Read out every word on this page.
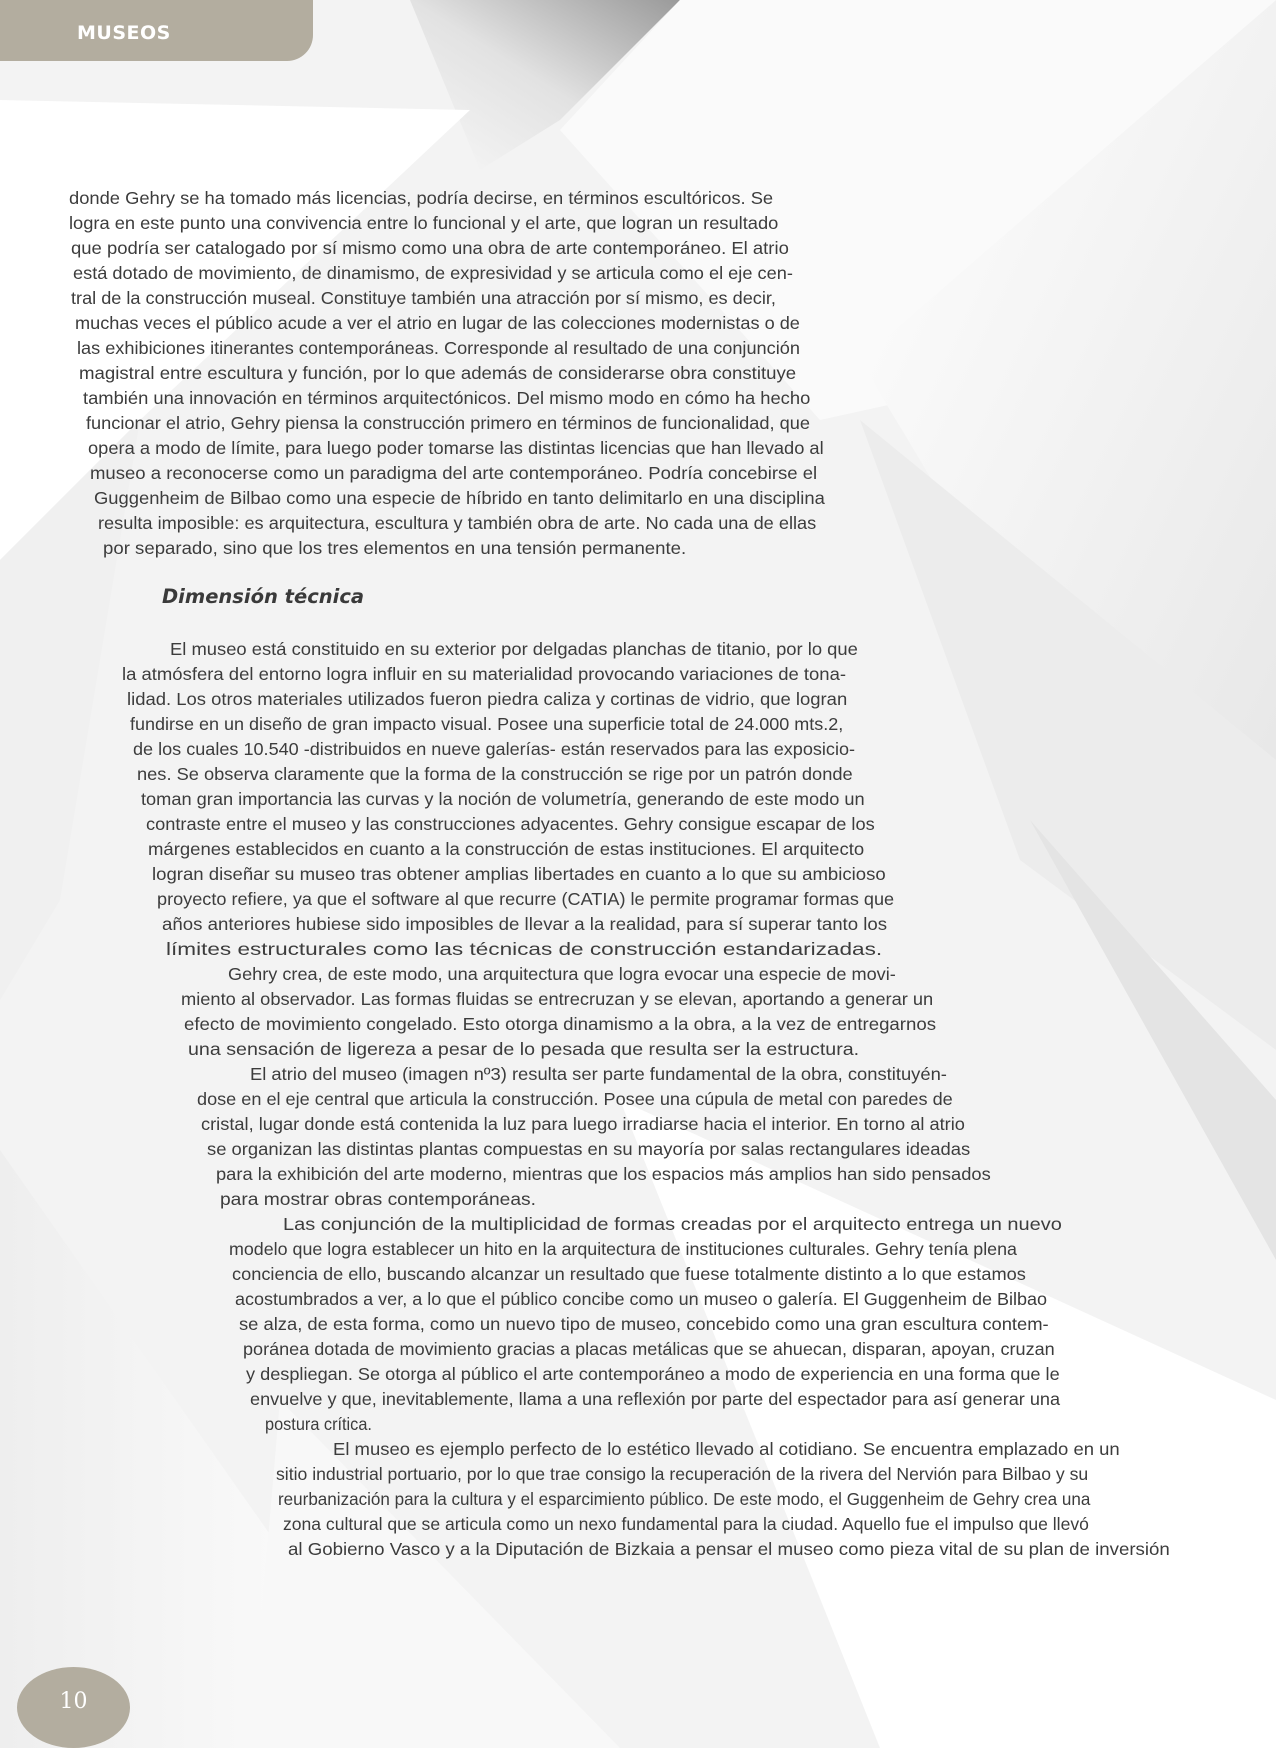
MUSEOS
donde Gehry se ha tomado más licencias, podría decirse, en términos escultóricos. Se
logra en este punto una convivencia entre lo funcional y el arte, que logran un resultado
que podría ser catalogado por sí mismo como una obra de arte contemporáneo. El atrio
está dotado de movimiento, de dinamismo, de expresividad y se articula como el eje cen-
tral de la construcción museal. Constituye también una atracción por sí mismo, es decir,
muchas veces el público acude a ver el atrio en lugar de las colecciones modernistas o de
las exhibiciones itinerantes contemporáneas. Corresponde al resultado de una conjunción
magistral entre escultura y función, por lo que además de considerarse obra constituye
también una innovación en términos arquitectónicos. Del mismo modo en cómo ha hecho
funcionar el atrio, Gehry piensa la construcción primero en términos de funcionalidad, que
opera a modo de límite, para luego poder tomarse las distintas licencias que han llevado al
museo a reconocerse como un paradigma del arte contemporáneo. Podría concebirse el
Guggenheim de Bilbao como una especie de híbrido en tanto delimitarlo en una disciplina
resulta imposible: es arquitectura, escultura y también obra de arte. No cada una de ellas
por separado, sino que los tres elementos en una tensión permanente.
Dimensión técnica
El museo está constituido en su exterior por delgadas planchas de titanio, por lo que
la atmósfera del entorno logra influir en su materialidad provocando variaciones de tona-
lidad. Los otros materiales utilizados fueron piedra caliza y cortinas de vidrio, que logran
fundirse en un diseño de gran impacto visual. Posee una superficie total de 24.000 mts.2,
de los cuales 10.540 -distribuidos en nueve galerías- están reservados para las exposicio-
nes. Se observa claramente que la forma de la construcción se rige por un patrón donde
toman gran importancia las curvas y la noción de volumetría, generando de este modo un
contraste entre el museo y las construcciones adyacentes. Gehry consigue escapar de los
márgenes establecidos en cuanto a la construcción de estas instituciones. El arquitecto
logran diseñar su museo tras obtener amplias libertades en cuanto a lo que su ambicioso
proyecto refiere, ya que el software al que recurre (CATIA) le permite programar formas que
años anteriores hubiese sido imposibles de llevar a la realidad, para sí superar tanto los
límites estructurales como las técnicas de construcción estandarizadas.
Gehry crea, de este modo, una arquitectura que logra evocar una especie de movi-
miento al observador. Las formas fluidas se entrecruzan y se elevan, aportando a generar un
efecto de movimiento congelado. Esto otorga dinamismo a la obra, a la vez de entregarnos
una sensación de ligereza a pesar de lo pesada que resulta ser la estructura.
El atrio del museo (imagen nº3) resulta ser parte fundamental de la obra, constituyén-
dose en el eje central que articula la construcción. Posee una cúpula de metal con paredes de
cristal, lugar donde está contenida la luz para luego irradiarse hacia el interior. En torno al atrio
se organizan las distintas plantas compuestas en su mayoría por salas rectangulares ideadas
para la exhibición del arte moderno, mientras que los espacios más amplios han sido pensados
para mostrar obras contemporáneas.
Las conjunción de la multiplicidad de formas creadas por el arquitecto entrega un nuevo
modelo que logra establecer un hito en la arquitectura de instituciones culturales. Gehry tenía plena
conciencia de ello, buscando alcanzar un resultado que fuese totalmente distinto a lo que estamos
acostumbrados a ver, a lo que el público concibe como un museo o galería. El Guggenheim de Bilbao
se alza, de esta forma, como un nuevo tipo de museo, concebido como una gran escultura contem-
poránea dotada de movimiento gracias a placas metálicas que se ahuecan, disparan, apoyan, cruzan
y despliegan. Se otorga al público el arte contemporáneo a modo de experiencia en una forma que le
envuelve y que, inevitablemente, llama a una reflexión por parte del espectador para así generar una
postura crítica.
El museo es ejemplo perfecto de lo estético llevado al cotidiano. Se encuentra emplazado en un
sitio industrial portuario, por lo que trae consigo la recuperación de la rivera del Nervión para Bilbao y su
reurbanización para la cultura y el esparcimiento público. De este modo, el Guggenheim de Gehry crea una
zona cultural que se articula como un nexo fundamental para la ciudad. Aquello fue el impulso que llevó
al Gobierno Vasco y a la Diputación de Bizkaia a pensar el museo como pieza vital de su plan de inversión
10
